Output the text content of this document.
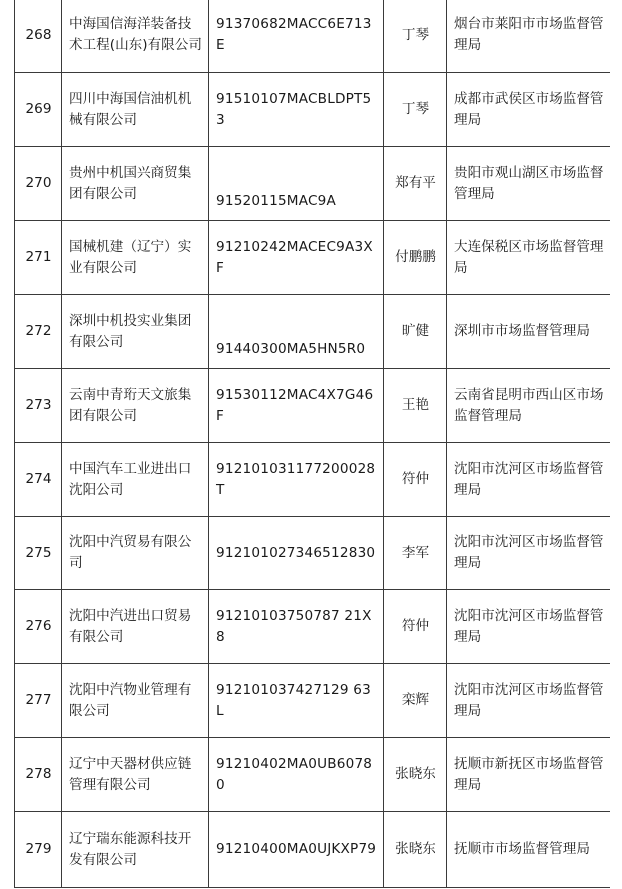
268	中海国信海洋装备技术工程(山东)有限公司	91370682MACC6E713E	丁琴	烟台市莱阳市市场监督管理局
269	四川中海国信油机机械有限公司	91510107MACBLDPT53	丁琴	成都市武侯区市场监督管理局
270	贵州中机国兴商贸集团有限公司	91520115MAC9A	郑有平	贵阳市观山湖区市场监督管理局
271	国械机建（辽宁）实业有限公司	91210242MACEC9A3XF	付鹏鹏	大连保税区市场监督管理局
272	深圳中机投实业集团有限公司	91440300MA5HN5R0	旷健	深圳市市场监督管理局
273	云南中青珩天文旅集团有限公司	91530112MAC4X7G46F	王艳	云南省昆明市西山区市场监督管理局
274	中国汽车工业进出口沈阳公司	912101031177200028T	符仲	沈阳市沈河区市场监督管理局
275	沈阳中汽贸易有限公司	912101027346512830	李军	沈阳市沈河区市场监督管理局
276	沈阳中汽进出口贸易有限公司	91210103750787 21X8	符仲	沈阳市沈河区市场监督管理局
277	沈阳中汽物业管理有限公司	912101037427129 63L	栾辉	沈阳市沈河区市场监督管理局
278	辽宁中天器材供应链管理有限公司	91210402MA0UB60780	张晓东	抚顺市新抚区市场监督管理局
279	辽宁瑞东能源科技开发有限公司	91210400MA0UJKXP79	张晓东	抚顺市市场监督管理局
